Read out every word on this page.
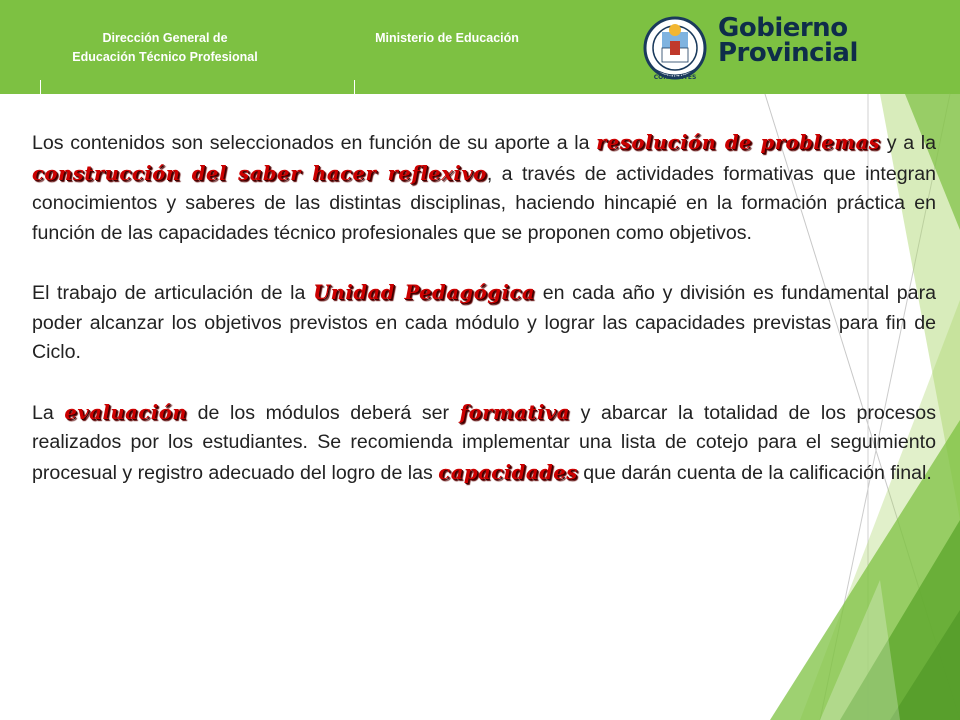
Dirección General de
Educación Técnico Profesional
Ministerio de Educación
CORRIENTES
Gobierno
Provincial

Los contenidos son seleccionados en función de su aporte a la resolución de problemas y a la construcción del saber hacer reflexivo, a través de actividades formativas que integran conocimientos y saberes de las distintas disciplinas, haciendo hincapié en la formación práctica en función de las capacidades técnico profesionales que se proponen como objetivos.

El trabajo de articulación de la Unidad Pedagógica en cada año y división es fundamental para poder alcanzar los objetivos previstos en cada módulo y lograr las capacidades previstas para fin de Ciclo.

La evaluación de los módulos deberá ser formativa y abarcar la totalidad de los procesos realizados por los estudiantes. Se recomienda implementar una lista de cotejo para el seguimiento procesual y registro adecuado del logro de las capacidades que darán cuenta de la calificación final.
